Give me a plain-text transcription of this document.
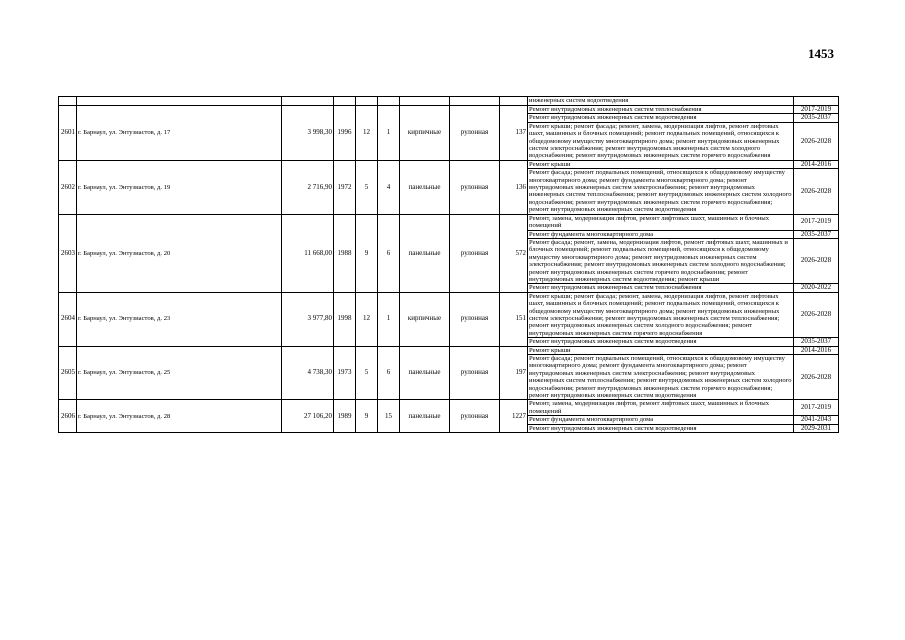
1453
									инженерных систем водоотведения	
2601	г. Барнаул, ул. Энтузиастов, д. 17	3 998,30	1996	12	1	кирпичные	рулонная	137	Ремонт внутридомовых инженерных систем теплоснабжения	2017-2019
									Ремонт внутридомовых инженерных систем водоотведения	2035-2037
									Ремонт крыши; ремонт фасада; ремонт, замена, модернизация лифтов, ремонт лифтовых шахт, машинных и блочных помещений; ремонт подвальных помещений, относящихся к общедомовому имуществу многоквартирного дома; ремонт внутридомовых инженерных систем электроснабжения; ремонт внутридомовых инженерных систем холодного водоснабжения; ремонт внутридомовых инженерных систем горячего водоснабжения	2026-2028
2602	г. Барнаул, ул. Энтузиастов, д. 19	2 716,90	1972	5	4	панельные	рулонная	136	Ремонт крыши	2014-2016
									Ремонт фасада; ремонт подвальных помещений, относящихся к общедомовому имуществу многоквартирного дома; ремонт фундамента многоквартирного дома; ремонт внутридомовых инженерных систем электроснабжения; ремонт внутридомовых инженерных систем теплоснабжения; ремонт внутридомовых инженерных систем холодного водоснабжения; ремонт внутридомовых инженерных систем горячего водоснабжения; ремонт внутридомовых инженерных систем водоотведения	2026-2028
2603	г. Барнаул, ул. Энтузиастов, д. 20	11 668,00	1988	9	6	панельные	рулонная	572	Ремонт, замена, модернизация лифтов, ремонт лифтовых шахт, машинных и блочных помещений	2017-2019
									Ремонт фундамента многоквартирного дома	2035-2037
									Ремонт фасада; ремонт, замена, модернизация лифтов, ремонт лифтовых шахт, машинных и блочных помещений; ремонт подвальных помещений, относящихся к общедомовому имуществу многоквартирного дома; ремонт внутридомовых инженерных систем электроснабжения; ремонт внутридомовых инженерных систем холодного водоснабжения; ремонт внутридомовых инженерных систем горячего водоснабжения; ремонт внутридомовых инженерных систем водоотведения; ремонт крыши	2026-2028
									Ремонт внутридомовых инженерных систем теплоснабжения	2020-2022
2604	г. Барнаул, ул. Энтузиастов, д. 23	3 977,80	1998	12	1	кирпичные	рулонная	151	Ремонт крыши; ремонт фасада; ремонт, замена, модернизация лифтов, ремонт лифтовых шахт, машинных и блочных помещений; ремонт подвальных помещений, относящихся к общедомовому имуществу многоквартирного дома; ремонт внутридомовых инженерных систем электроснабжения; ремонт внутридомовых инженерных систем теплоснабжения; ремонт внутридомовых инженерных систем холодного водоснабжения; ремонт внутридомовых инженерных систем горячего водоснабжения	2026-2028
									Ремонт внутридомовых инженерных систем водоотведения	2035-2037
2605	г. Барнаул, ул. Энтузиастов, д. 25	4 738,30	1973	5	6	панельные	рулонная	197	Ремонт крыши	2014-2016
									Ремонт фасада; ремонт подвальных помещений, относящихся к общедомовому имуществу многоквартирного дома; ремонт фундамента многоквартирного дома; ремонт внутридомовых инженерных систем электроснабжения; ремонт внутридомовых инженерных систем теплоснабжения; ремонт внутридомовых инженерных систем холодного водоснабжения; ремонт внутридомовых инженерных систем горячего водоснабжения; ремонт внутридомовых инженерных систем водоотведения	2026-2028
2606	г. Барнаул, ул. Энтузиастов, д. 28	27 106,20	1989	9	15	панельные	рулонная	1227	Ремонт, замена, модернизация лифтов, ремонт лифтовых шахт, машинных и блочных помещений	2017-2019
									Ремонт фундамента многоквартирного дома	2041-2043
									Ремонт внутридомовых инженерных систем водоотведения	2029-2031
